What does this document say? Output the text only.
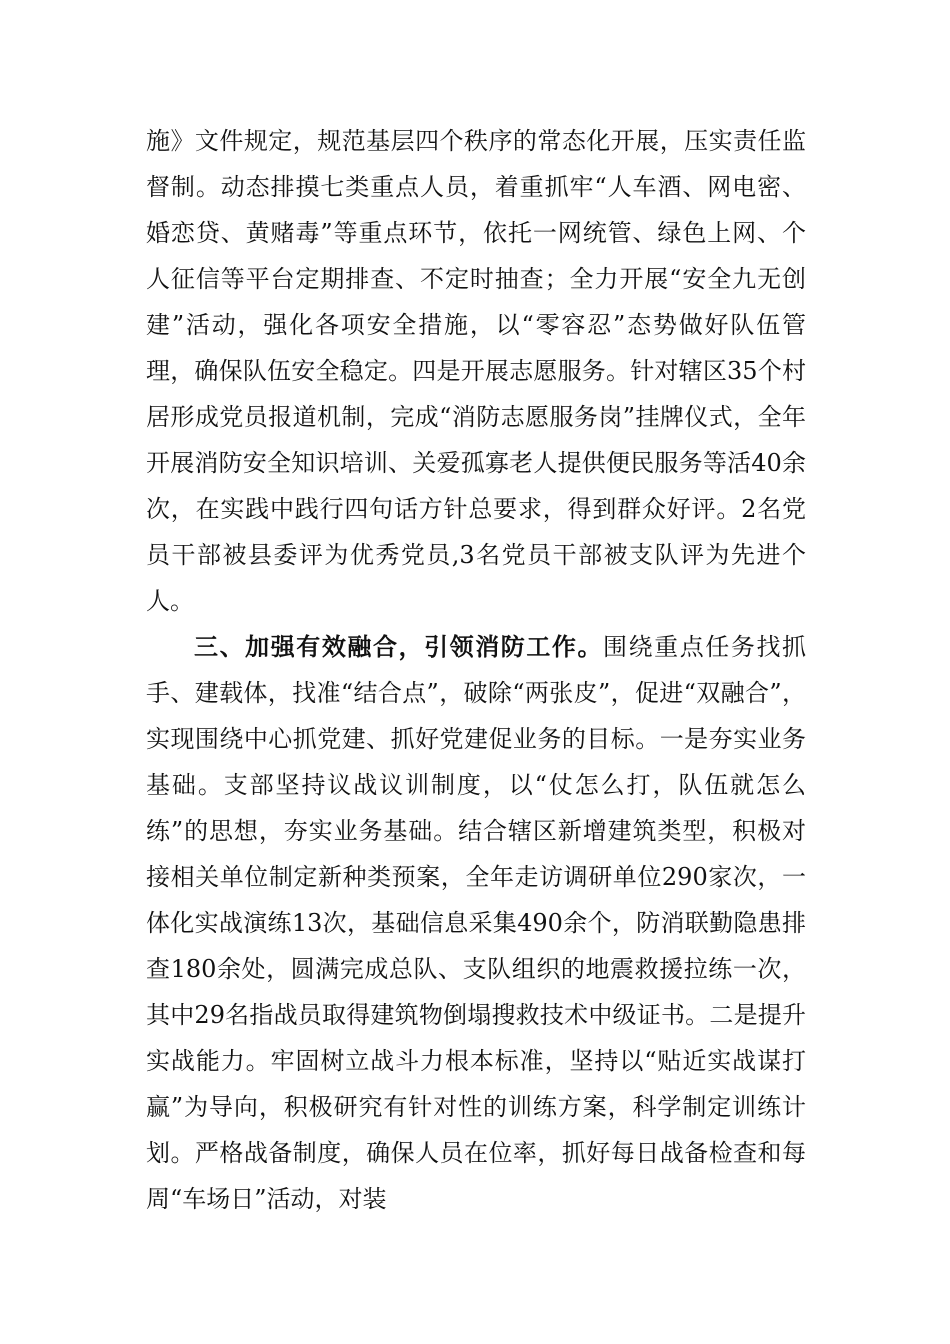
施》文件规定，规范基层四个秩序的常态化开展，压实责任监督制。动态排摸七类重点人员，着重抓牢“人车酒、网电密、婚恋贷、黄赌毒”等重点环节，依托一网统管、绿色上网、个人征信等平台定期排查、不定时抽查；全力开展“安全九无创建”活动，强化各项安全措施，以“零容忍”态势做好队伍管理，确保队伍安全稳定。四是开展志愿服务。针对辖区35个村居形成党员报道机制，完成“消防志愿服务岗”挂牌仪式，全年开展消防安全知识培训、关爱孤寡老人提供便民服务等活40余次，在实践中践行四句话方针总要求，得到群众好评。2名党员干部被县委评为优秀党员,3名党员干部被支队评为先进个人。

三、加强有效融合，引领消防工作。围绕重点任务找抓手、建载体，找准“结合点”，破除“两张皮”，促进“双融合”，实现围绕中心抓党建、抓好党建促业务的目标。一是夯实业务基础。支部坚持议战议训制度，以“仗怎么打，队伍就怎么练”的思想，夯实业务基础。结合辖区新增建筑类型，积极对接相关单位制定新种类预案，全年走访调研单位290家次，一体化实战演练13次，基础信息采集490余个，防消联勤隐患排查180余处，圆满完成总队、支队组织的地震救援拉练一次，其中29名指战员取得建筑物倒塌搜救技术中级证书。二是提升实战能力。牢固树立战斗力根本标准，坚持以“贴近实战谋打赢”为导向，积极研究有针对性的训练方案，科学制定训练计划。严格战备制度，确保人员在位率，抓好每日战备检查和每周“车场日”活动，对装
